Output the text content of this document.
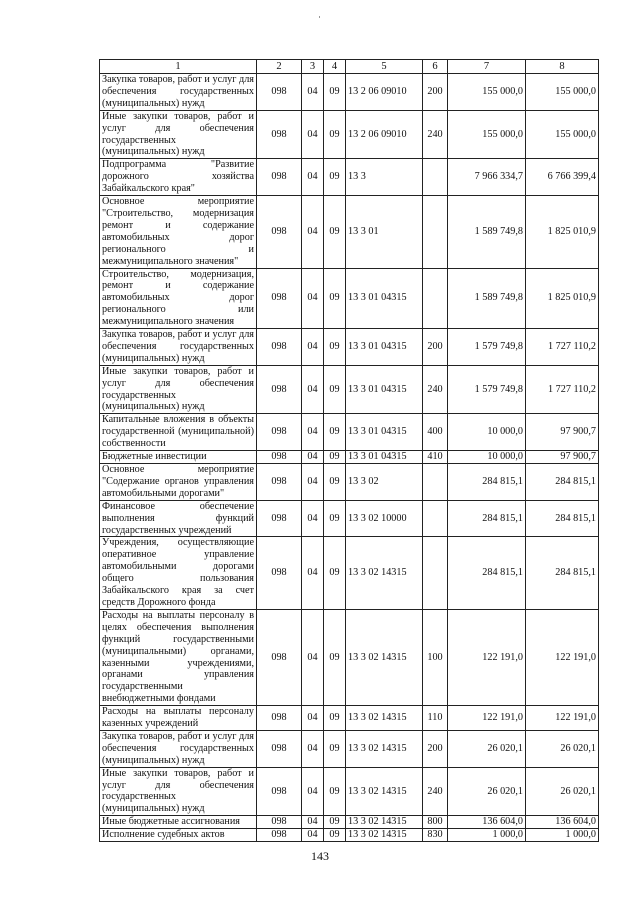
1	2	3	4	5	6	7	8
Закупка товаров, работ и услуг для обеспечения государственных (муниципальных) нужд	098	04	09	13 2 06 09010	200	155 000,0	155 000,0
Иные закупки товаров, работ и услуг для обеспечения государственных (муниципальных) нужд	098	04	09	13 2 06 09010	240	155 000,0	155 000,0
Подпрограмма "Развитие дорожного хозяйства Забайкальского края"	098	04	09	13 3		7 966 334,7	6 766 399,4
Основное мероприятие "Строительство, модернизация ремонт и содержание автомобильных дорог регионального и межмуниципального значения"	098	04	09	13 3 01		1 589 749,8	1 825 010,9
Строительство, модернизация, ремонт и содержание автомобильных дорог регионального или межмуниципального значения	098	04	09	13 3 01 04315		1 589 749,8	1 825 010,9
Закупка товаров, работ и услуг для обеспечения государственных (муниципальных) нужд	098	04	09	13 3 01 04315	200	1 579 749,8	1 727 110,2
Иные закупки товаров, работ и услуг для обеспечения государственных (муниципальных) нужд	098	04	09	13 3 01 04315	240	1 579 749,8	1 727 110,2
Капитальные вложения в объекты государственной (муниципальной) собственности	098	04	09	13 3 01 04315	400	10 000,0	97 900,7
Бюджетные инвестиции	098	04	09	13 3 01 04315	410	10 000,0	97 900,7
Основное мероприятие "Содержание органов управления автомобильными дорогами"	098	04	09	13 3 02		284 815,1	284 815,1
Финансовое обеспечение выполнения функций государственных учреждений	098	04	09	13 3 02 10000		284 815,1	284 815,1
Учреждения, осуществляющие оперативное управление автомобильными дорогами общего пользования Забайкальского края за счет средств Дорожного фонда	098	04	09	13 3 02 14315		284 815,1	284 815,1
Расходы на выплаты персоналу в целях обеспечения выполнения функций государственными (муниципальными) органами, казенными учреждениями, органами управления государственными внебюджетными фондами	098	04	09	13 3 02 14315	100	122 191,0	122 191,0
Расходы на выплаты персоналу казенных учреждений	098	04	09	13 3 02 14315	110	122 191,0	122 191,0
Закупка товаров, работ и услуг для обеспечения государственных (муниципальных) нужд	098	04	09	13 3 02 14315	200	26 020,1	26 020,1
Иные закупки товаров, работ и услуг для обеспечения государственных (муниципальных) нужд	098	04	09	13 3 02 14315	240	26 020,1	26 020,1
Иные бюджетные ассигнования	098	04	09	13 3 02 14315	800	136 604,0	136 604,0
Исполнение судебных актов	098	04	09	13 3 02 14315	830	1 000,0	1 000,0
143
